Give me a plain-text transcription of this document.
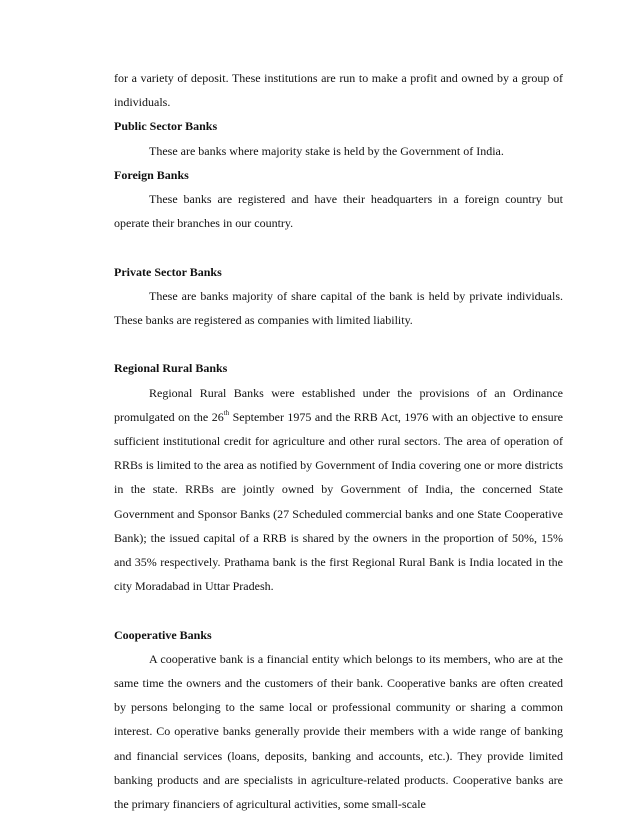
for a variety of deposit. These institutions are run to make a profit and owned by a group of individuals.

Public Sector Banks

These are banks where majority stake is held by the Government of India.

Foreign Banks

These banks are registered and have their headquarters in a foreign country but operate their branches in our country.

Private Sector Banks

These are banks majority of share capital of the bank is held by private individuals. These banks are registered as companies with limited liability.

Regional Rural Banks

Regional Rural Banks were established under the provisions of an Ordinance promulgated on the 26th September 1975 and the RRB Act, 1976 with an objective to ensure sufficient institutional credit for agriculture and other rural sectors. The area of operation of RRBs is limited to the area as notified by Government of India covering one or more districts in the state. RRBs are jointly owned by Government of India, the concerned State Government and Sponsor Banks (27 Scheduled commercial banks and one State Cooperative Bank); the issued capital of a RRB is shared by the owners in the proportion of 50%, 15% and 35% respectively. Prathama bank is the first Regional Rural Bank is India located in the city Moradabad in Uttar Pradesh.

Cooperative Banks

A cooperative bank is a financial entity which belongs to its members, who are at the same time the owners and the customers of their bank. Cooperative banks are often created by persons belonging to the same local or professional community or sharing a common interest. Co operative banks generally provide their members with a wide range of banking and financial services (loans, deposits, banking and accounts, etc.). They provide limited banking products and are specialists in agriculture-related products. Cooperative banks are the primary financiers of agricultural activities, some small-scale
